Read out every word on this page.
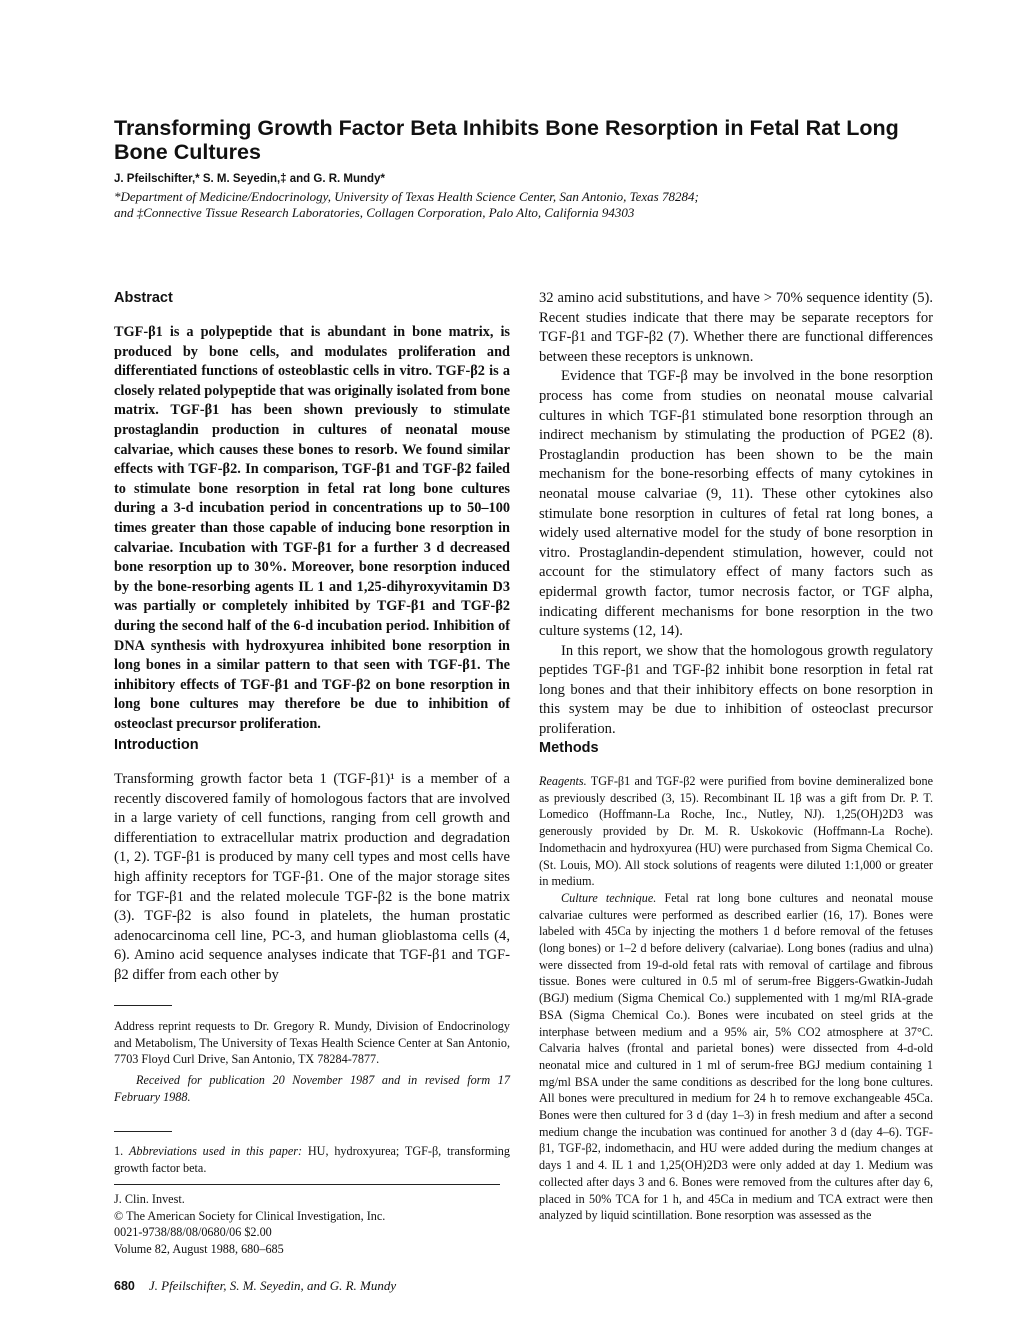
Transforming Growth Factor Beta Inhibits Bone Resorption in Fetal Rat Long Bone Cultures
J. Pfeilschifter,* S. M. Seyedin,‡ and G. R. Mundy*
*Department of Medicine/Endocrinology, University of Texas Health Science Center, San Antonio, Texas 78284;
and ‡Connective Tissue Research Laboratories, Collagen Corporation, Palo Alto, California 94303
Abstract

TGF-β1 is a polypeptide that is abundant in bone matrix, is produced by bone cells, and modulates proliferation and differentiated functions of osteoblastic cells in vitro. TGF-β2 is a closely related polypeptide that was originally isolated from bone matrix. TGF-β1 has been shown previously to stimulate prostaglandin production in cultures of neonatal mouse calvariae, which causes these bones to resorb. We found similar effects with TGF-β2. In comparison, TGF-β1 and TGF-β2 failed to stimulate bone resorption in fetal rat long bone cultures during a 3-d incubation period in concentrations up to 50–100 times greater than those capable of inducing bone resorption in calvariae. Incubation with TGF-β1 for a further 3 d decreased bone resorption up to 30%. Moreover, bone resorption induced by the bone-resorbing agents IL 1 and 1,25-dihyroxyvitamin D3 was partially or completely inhibited by TGF-β1 and TGF-β2 during the second half of the 6-d incubation period. Inhibition of DNA synthesis with hydroxyurea inhibited bone resorption in long bones in a similar pattern to that seen with TGF-β1. The inhibitory effects of TGF-β1 and TGF-β2 on bone resorption in long bone cultures may therefore be due to inhibition of osteoclast precursor proliferation.

Introduction

Transforming growth factor beta 1 (TGF-β1)¹ is a member of a recently discovered family of homologous factors that are involved in a large variety of cell functions, ranging from cell growth and differentiation to extracellular matrix production and degradation (1, 2). TGF-β1 is produced by many cell types and most cells have high affinity receptors for TGF-β1. One of the major storage sites for TGF-β1 and the related molecule TGF-β2 is the bone matrix (3). TGF-β2 is also found in platelets, the human prostatic adenocarcinoma cell line, PC-3, and human glioblastoma cells (4, 6). Amino acid sequence analyses indicate that TGF-β1 and TGF-β2 differ from each other by

Address reprint requests to Dr. Gregory R. Mundy, Division of Endocrinology and Metabolism, The University of Texas Health Science Center at San Antonio, 7703 Floyd Curl Drive, San Antonio, TX 78284-7877.

Received for publication 20 November 1987 and in revised form 17 February 1988.

1. Abbreviations used in this paper: HU, hydroxyurea; TGF-β, transforming growth factor beta.

J. Clin. Invest.
© The American Society for Clinical Investigation, Inc.
0021-9738/88/08/0680/06 $2.00
Volume 82, August 1988, 680–685
680 J. Pfeilschifter, S. M. Seyedin, and G. R. Mundy

32 amino acid substitutions, and have > 70% sequence identity (5). Recent studies indicate that there may be separate receptors for TGF-β1 and TGF-β2 (7). Whether there are functional differences between these receptors is unknown.

Evidence that TGF-β may be involved in the bone resorption process has come from studies on neonatal mouse calvarial cultures in which TGF-β1 stimulated bone resorption through an indirect mechanism by stimulating the production of PGE2 (8). Prostaglandin production has been shown to be the main mechanism for the bone-resorbing effects of many cytokines in neonatal mouse calvariae (9, 11). These other cytokines also stimulate bone resorption in cultures of fetal rat long bones, a widely used alternative model for the study of bone resorption in vitro. Prostaglandin-dependent stimulation, however, could not account for the stimulatory effect of many factors such as epidermal growth factor, tumor necrosis factor, or TGF alpha, indicating different mechanisms for bone resorption in the two culture systems (12, 14).

In this report, we show that the homologous growth regulatory peptides TGF-β1 and TGF-β2 inhibit bone resorption in fetal rat long bones and that their inhibitory effects on bone resorption in this system may be due to inhibition of osteoclast precursor proliferation.

Methods

Reagents. TGF-β1 and TGF-β2 were purified from bovine demineralized bone as previously described (3, 15). Recombinant IL 1β was a gift from Dr. P. T. Lomedico (Hoffmann-La Roche, Inc., Nutley, NJ). 1,25(OH)2D3 was generously provided by Dr. M. R. Uskokovic (Hoffmann-La Roche). Indomethacin and hydroxyurea (HU) were purchased from Sigma Chemical Co. (St. Louis, MO). All stock solutions of reagents were diluted 1:1,000 or greater in medium.

Culture technique. Fetal rat long bone cultures and neonatal mouse calvariae cultures were performed as described earlier (16, 17). Bones were labeled with 45Ca by injecting the mothers 1 d before removal of the fetuses (long bones) or 1–2 d before delivery (calvariae). Long bones (radius and ulna) were dissected from 19-d-old fetal rats with removal of cartilage and fibrous tissue. Bones were cultured in 0.5 ml of serum-free Biggers-Gwatkin-Judah (BGJ) medium (Sigma Chemical Co.) supplemented with 1 mg/ml RIA-grade BSA (Sigma Chemical Co.). Bones were incubated on steel grids at the interphase between medium and a 95% air, 5% CO2 atmosphere at 37°C. Calvaria halves (frontal and parietal bones) were dissected from 4-d-old neonatal mice and cultured in 1 ml of serum-free BGJ medium containing 1 mg/ml BSA under the same conditions as described for the long bone cultures. All bones were precultured in medium for 24 h to remove exchangeable 45Ca. Bones were then cultured for 3 d (day 1–3) in fresh medium and after a second medium change the incubation was continued for another 3 d (day 4–6). TGF-β1, TGF-β2, indomethacin, and HU were added during the medium changes at days 1 and 4. IL 1 and 1,25(OH)2D3 were only added at day 1. Medium was collected after days 3 and 6. Bones were removed from the cultures after day 6, placed in 50% TCA for 1 h, and 45Ca in medium and TCA extract were then analyzed by liquid scintillation. Bone resorption was assessed as the
